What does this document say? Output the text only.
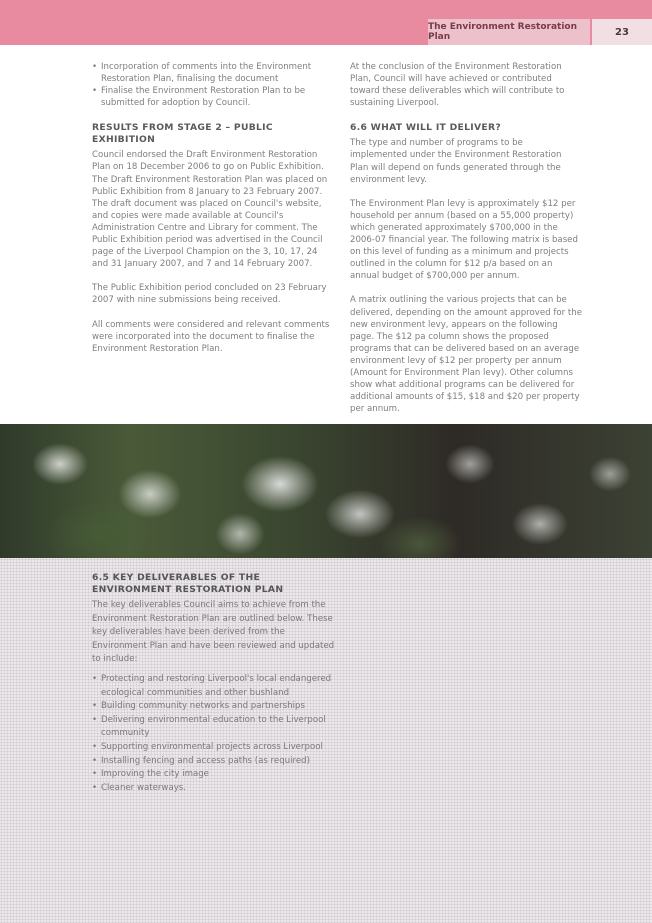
The Environment Restoration Plan	23
• Incorporation of comments into the Environment Restoration Plan, finalising the document
• Finalise the Environment Restoration Plan to be submitted for adoption by Council.
RESULTS FROM STAGE 2 – PUBLIC EXHIBITION

Council endorsed the Draft Environment Restoration Plan on 18 December 2006 to go on Public Exhibition. The Draft Environment Restoration Plan was placed on Public Exhibition from 8 January to 23 February 2007. The draft document was placed on Council's website, and copies were made available at Council's Administration Centre and Library for comment. The Public Exhibition period was advertised in the Council page of the Liverpool Champion on the 3, 10, 17, 24 and 31 January 2007, and 7 and 14 February 2007.

The Public Exhibition period concluded on 23 February 2007 with nine submissions being received.

All comments were considered and relevant comments were incorporated into the document to finalise the Environment Restoration Plan.

At the conclusion of the Environment Restoration Plan, Council will have achieved or contributed toward these deliverables which will contribute to sustaining Liverpool.

6.6 WHAT WILL IT DELIVER?

The type and number of programs to be implemented under the Environment Restoration Plan will depend on funds generated through the environment levy.

The Environment Plan levy is approximately $12 per household per annum (based on a 55,000 property) which generated approximately $700,000 in the 2006-07 financial year. The following matrix is based on this level of funding as a minimum and projects outlined in the column for $12 p/a based on an annual budget of $700,000 per annum.

A matrix outlining the various projects that can be delivered, depending on the amount approved for the new environment levy, appears on the following page. The $12 pa column shows the proposed programs that can be delivered based on an average environment levy of $12 per property per annum (Amount for Environment Plan levy). Other columns show what additional programs can be delivered for additional amounts of $15, $18 and $20 per property per annum.

6.5 KEY DELIVERABLES OF THE ENVIRONMENT RESTORATION PLAN

The key deliverables Council aims to achieve from the Environment Restoration Plan are outlined below. These key deliverables have been derived from the Environment Plan and have been reviewed and updated to include:

• Protecting and restoring Liverpool's local endangered ecological communities and other bushland
• Building community networks and partnerships
• Delivering environmental education to the Liverpool community
• Supporting environmental projects across Liverpool
• Installing fencing and access paths (as required)
• Improving the city image
• Cleaner waterways.
